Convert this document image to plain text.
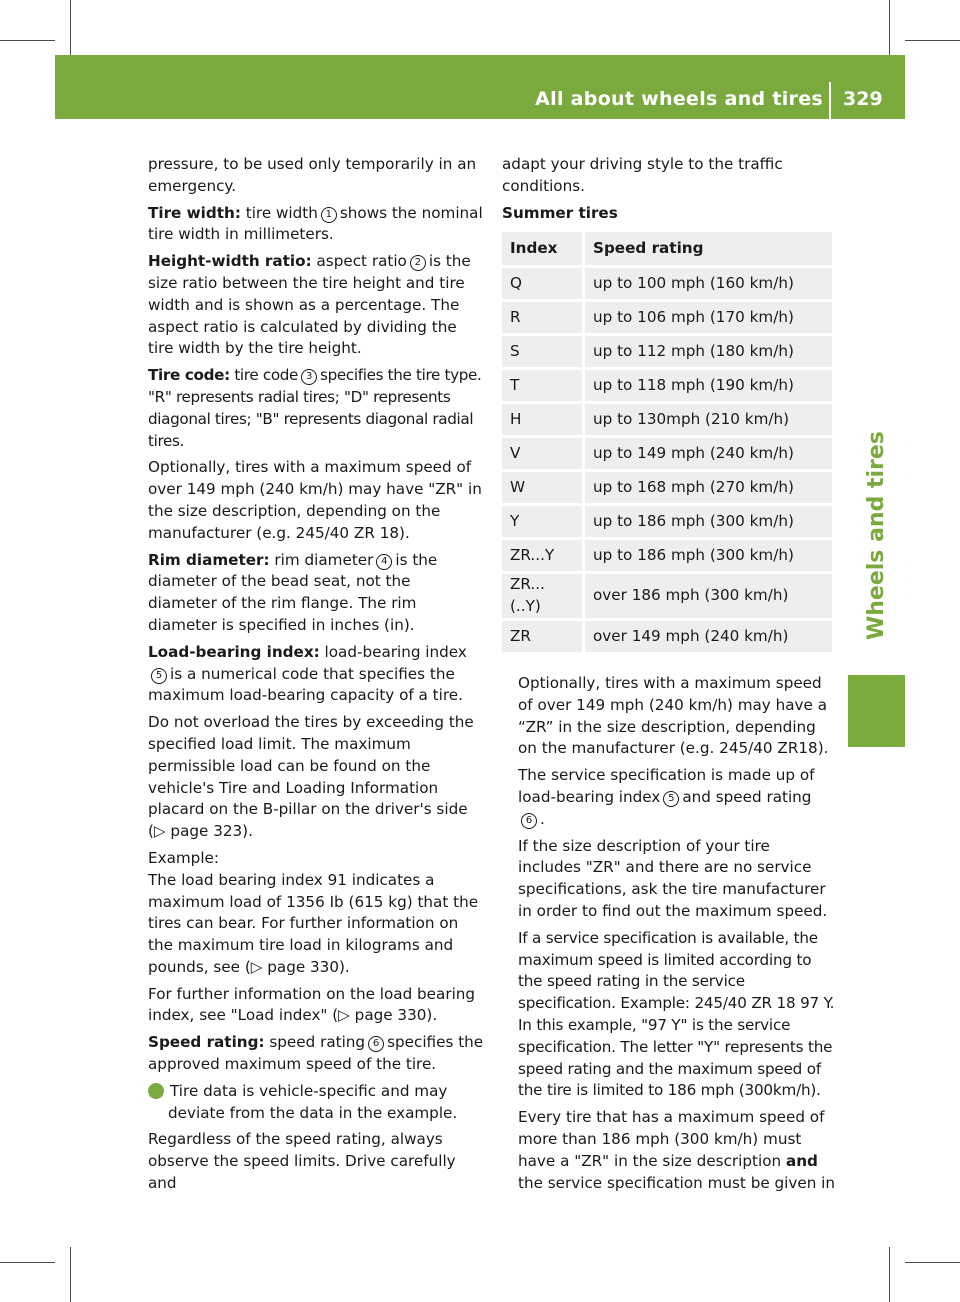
All about wheels and tires 329
Wheels and tires

pressure, to be used only temporarily in an emergency.

Tire width: tire width 1 shows the nominal tire width in millimeters.

Height-width ratio: aspect ratio 2 is the size ratio between the tire height and tire width and is shown as a percentage. The aspect ratio is calculated by dividing the tire width by the tire height.

Tire code: tire code 3 specifies the tire type. "R" represents radial tires; "D" represents diagonal tires; "B" represents diagonal radial tires.

Optionally, tires with a maximum speed of over 149 mph (240 km/h) may have "ZR" in the size description, depending on the manufacturer (e.g. 245/40 ZR 18).

Rim diameter: rim diameter 4 is the diameter of the bead seat, not the diameter of the rim flange. The rim diameter is specified in inches (in).

Load-bearing index: load-bearing index5 is a numerical code that specifies the maximum load-bearing capacity of a tire.

Do not overload the tires by exceeding the specified load limit. The maximum permissible load can be found on the vehicle's Tire and Loading Information placard on the B-pillar on the driver's side (▷ page 323).

Example:

The load bearing index 91 indicates a maximum load of 1356 Ib (615 kg) that the tires can bear. For further information on the maximum tire load in kilograms and pounds, see (▷ page 330).

For further information on the load bearing index, see "Load index" (▷ page 330).

Speed rating: speed rating 6 specifies the approved maximum speed of the tire.

i Tire data is vehicle-specific and may deviate from the data in the example.

Regardless of the speed rating, always observe the speed limits. Drive carefully and

adapt your driving style to the traffic conditions.

Summer tires

Index	Speed rating
Q	up to 100 mph (160 km/h)
R	up to 106 mph (170 km/h)
S	up to 112 mph (180 km/h)
T	up to 118 mph (190 km/h)
H	up to 130mph (210 km/h)
V	up to 149 mph (240 km/h)
W	up to 168 mph (270 km/h)
Y	up to 186 mph (300 km/h)
ZR...Y	up to 186 mph (300 km/h)
ZR...(..Y)	over 186 mph (300 km/h)
ZR	over 149 mph (240 km/h)

Optionally, tires with a maximum speed of over 149 mph (240 km/h) may have a “ZR” in the size description, depending on the manufacturer (e.g. 245/40 ZR18).

The service specification is made up of load-bearing index 5 and speed rating 6 .

If the size description of your tire includes "ZR" and there are no service specifications, ask the tire manufacturer in order to find out the maximum speed.

If a service specification is available, the maximum speed is limited according to the speed rating in the service specification. Example: 245/40 ZR 18 97 Y. In this example, "97 Y" is the service specification. The letter "Y" represents the speed rating and the maximum speed of the tire is limited to 186 mph (300km/h).

Every tire that has a maximum speed of more than 186 mph (300 km/h) must have a "ZR" in the size description and the service specification must be given in
